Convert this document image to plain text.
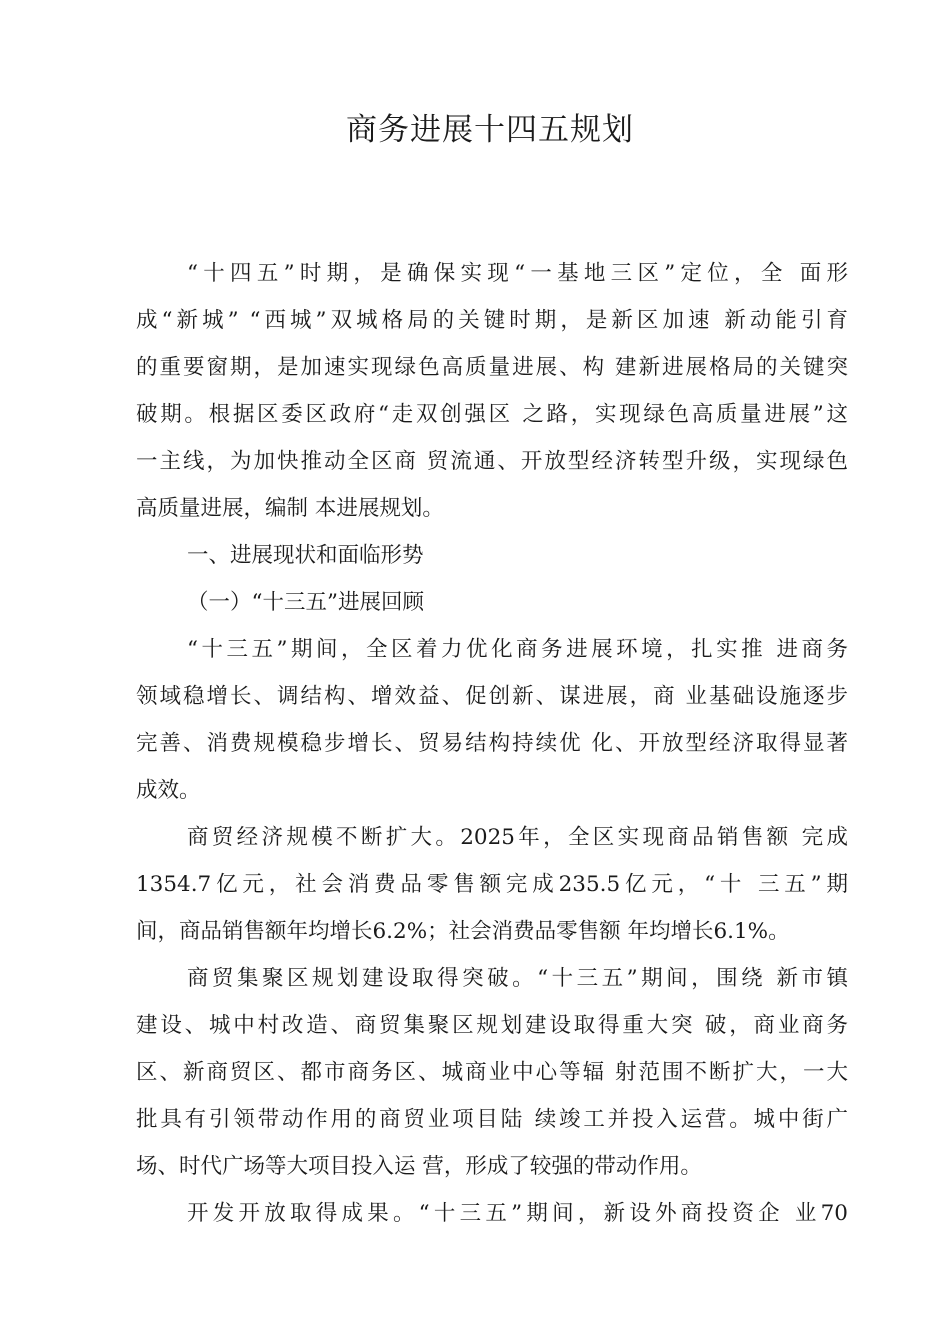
商务进展十四五规划
“十四五”时期，是确保实现“一基地三区”定位，全 面形
成“新城” “西城”双城格局的关键时期，是新区加速 新动能引育
的重要窗期，是加速实现绿色高质量进展、构 建新进展格局的关键突
破期。根据区委区政府“走双创强区 之路，实现绿色高质量进展”这
一主线，为加快推动全区商 贸流通、开放型经济转型升级，实现绿色
高质量进展，编制 本进展规划。
一、进展现状和面临形势
（一）“十三五”进展回顾
“十三五”期间，全区着力优化商务进展环境，扎实推 进商务
领域稳增长、调结构、增效益、促创新、谋进展，商 业基础设施逐步
完善、消费规模稳步增长、贸易结构持续优 化、开放型经济取得显著
成效。
商贸经济规模不断扩大。2025年，全区实现商品销售额 完成
1354.7亿元，社会消费品零售额完成235.5亿元，“十 三五”期
间，商品销售额年均增长6.2%；社会消费品零售额 年均增长6.1%。
商贸集聚区规划建设取得突破。“十三五”期间，围绕 新市镇
建设、城中村改造、商贸集聚区规划建设取得重大突 破，商业商务
区、新商贸区、都市商务区、城商业中心等辐 射范围不断扩大，一大
批具有引领带动作用的商贸业项目陆 续竣工并投入运营。城中街广
场、时代广场等大项目投入运 营，形成了较强的带动作用。
开发开放取得成果。“十三五”期间，新设外商投资企 业70
